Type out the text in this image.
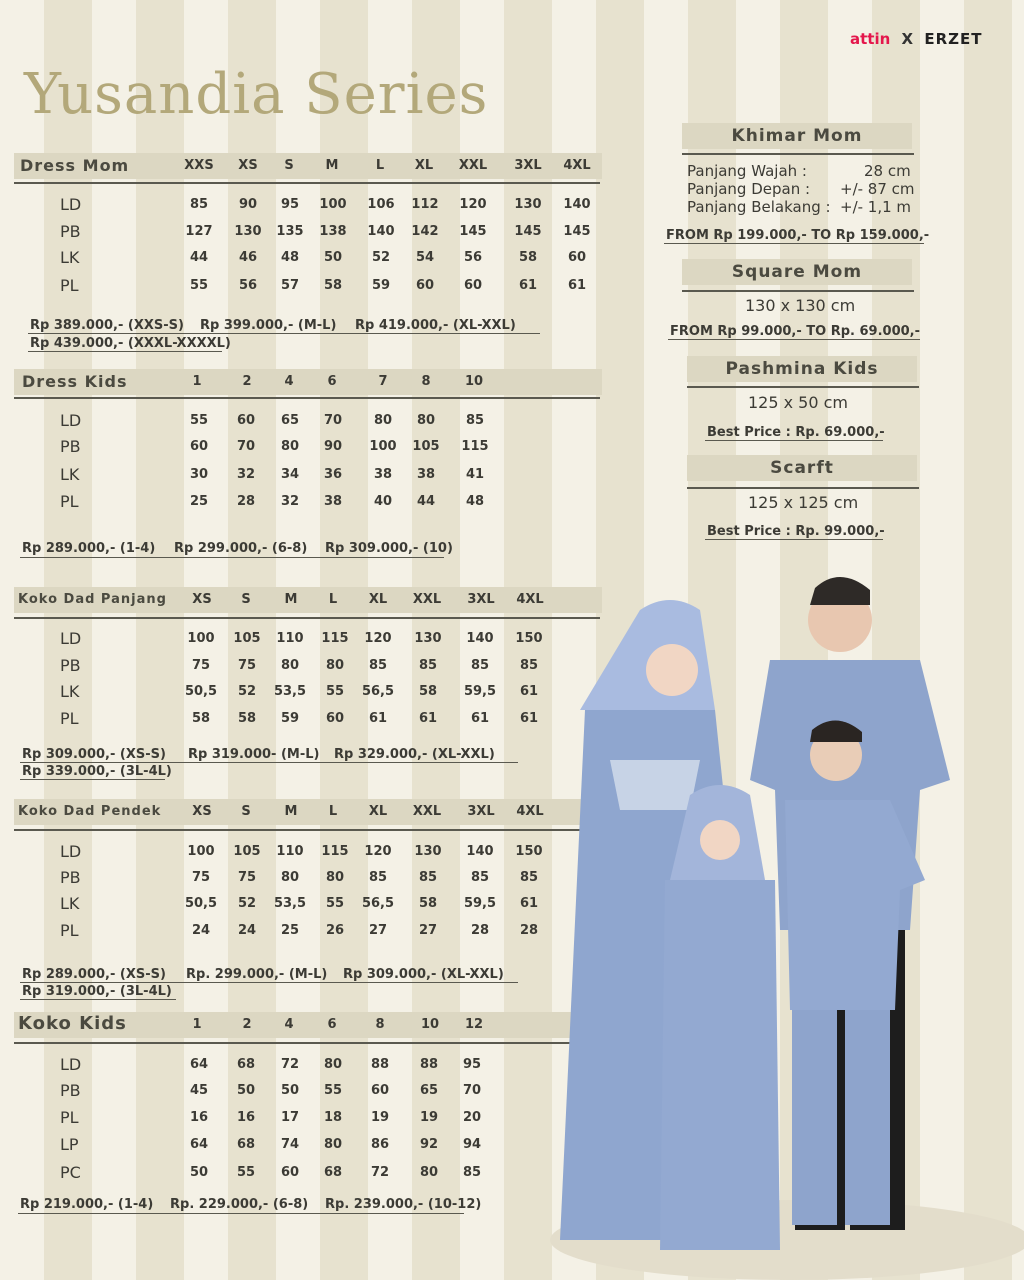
attin X ERZET
Yusandia Series
Dress Mom	XXS	XS	S	M	L	XL	XXL	3XL	4XL
LD	85	90	95	100	106	112	120	130	140
PB	127	130	135	138	140	142	145	145	145
LK	44	46	48	50	52	54	56	58	60
PL	55	56	57	58	59	60	60	61	61
Rp 389.000,- (XXS-S) Rp 399.000,- (M-L) Rp 419.000,- (XL-XXL)
Rp 439.000,- (XXXL-XXXXL)
Dress Kids	1	2	4	6	7	8	10
LD	55	60	65	70	80	80	85
PB	60	70	80	90	100	105	115
LK	30	32	34	36	38	38	41
PL	25	28	32	38	40	44	48
Rp 289.000,- (1-4) Rp 299.000,- (6-8) Rp 309.000,- (10)
Koko Dad Panjang	XS	S	M	L	XL	XXL	3XL	4XL
LD	100	105	110	115	120	130	140	150
PB	75	75	80	80	85	85	85	85
LK	50,5	52	53,5	55	56,5	58	59,5	61
PL	58	58	59	60	61	61	61	61
Rp 309.000,- (XS-S) Rp 319.000- (M-L) Rp 329.000,- (XL-XXL)
Rp 339.000,- (3L-4L)
Koko Dad Pendek	XS	S	M	L	XL	XXL	3XL	4XL
LD	100	105	110	115	120	130	140	150
PB	75	75	80	80	85	85	85	85
LK	50,5	52	53,5	55	56,5	58	59,5	61
PL	24	24	25	26	27	27	28	28
Rp 289.000,- (XS-S) Rp. 299.000,- (M-L) Rp 309.000,- (XL-XXL)
Rp 319.000,- (3L-4L)
Koko Kids	1	2	4	6	8	10	12
LD	64	68	72	80	88	88	95
PB	45	50	50	55	60	65	70
PL	16	16	17	18	19	19	20
LP	64	68	74	80	86	92	94
PC	50	55	60	68	72	80	85
Rp 219.000,- (1-4) Rp. 229.000,- (6-8) Rp. 239.000,- (10-12)
Khimar Mom
Panjang Wajah :	28 cm
Panjang Depan : +/- 87 cm
Panjang Belakang : +/- 1,1 m
FROM Rp 199.000,- TO Rp 159.000,-
Square Mom
130 x 130 cm
FROM Rp 99.000,- TO Rp. 69.000,-
Pashmina Kids
125 x 50 cm
Best Price : Rp. 69.000,-
Scarft
125 x 125 cm
Best Price : Rp. 99.000,-
